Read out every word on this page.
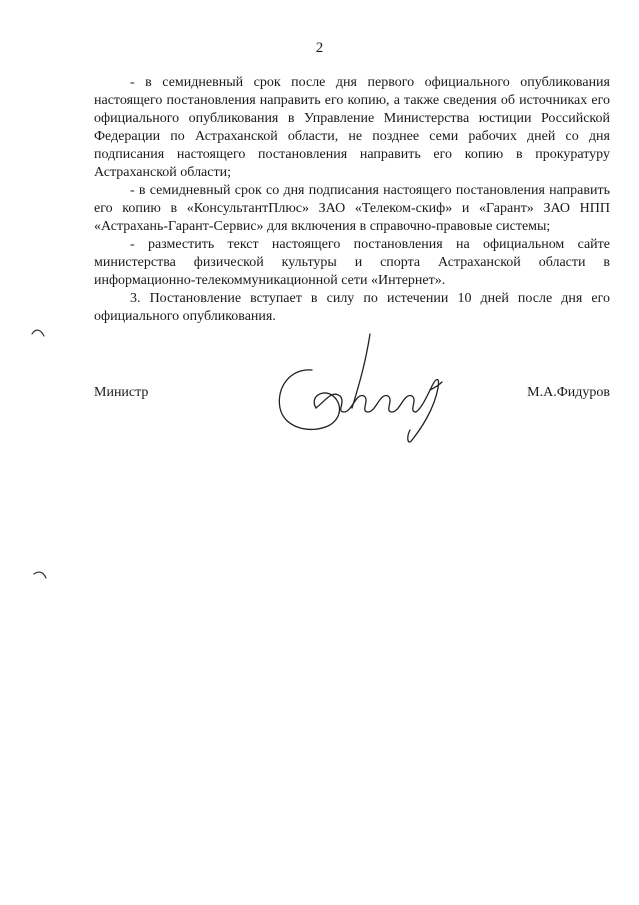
2

- в семидневный срок после дня первого официального опубликования настоящего постановления направить его копию, а также сведения об источниках его официального опубликования в Управление Министерства юстиции Российской Федерации по Астраханской области, не позднее семи рабочих дней со дня подписания настоящего постановления направить его копию в прокуратуру Астраханской области;

- в семидневный срок со дня подписания настоящего постановления направить его копию в «КонсультантПлюс» ЗАО «Телеком-скиф» и «Гарант» ЗАО НПП «Астрахань-Гарант-Сервис» для включения в справочно-правовые системы;

- разместить текст настоящего постановления на официальном сайте министерства физической культуры и спорта Астраханской области в информационно-телекоммуникационной сети «Интернет».

3. Постановление вступает в силу по истечении 10 дней после дня его официального опубликования.

Министр	М.А.Фидуров
